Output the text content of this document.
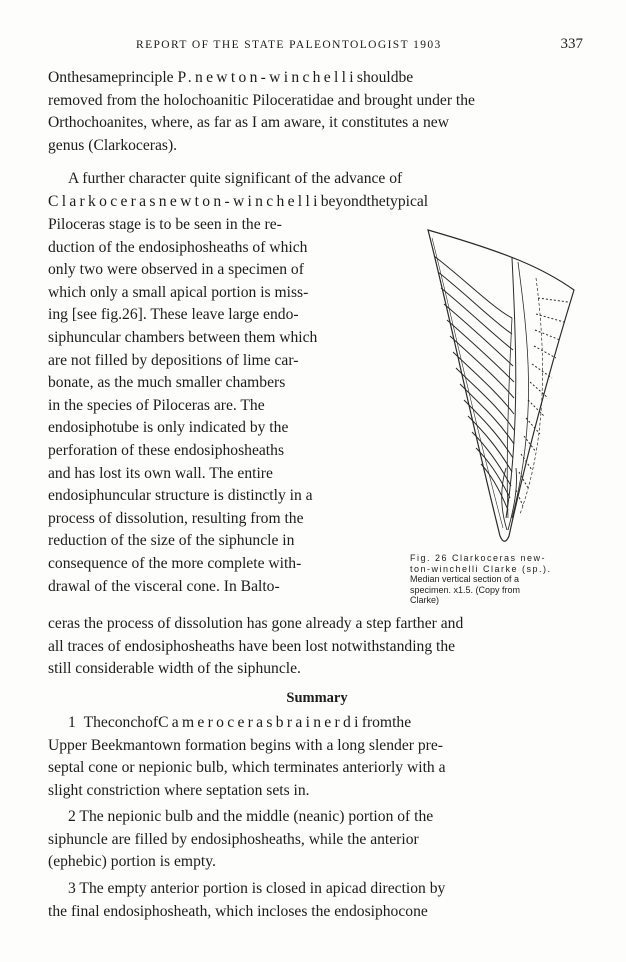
REPORT OF THE STATE PALEONTOLOGIST 1903	337
Onthesameprinciple P.newton-winchellishouldbe
removed from the holochoanitic Piloceratidae and brought under the
Orthochoanites, where, as far as I am aware, it constitutes a new
genus (Clarkoceras).
A further character quite significant of the advance of
Clarkocerasnewton-winchellibeyondthetypical
Piloceras stage is to be seen in the re-
duction of the endosiphosheaths of which
only two were observed in a specimen of
which only a small apical portion is miss-
ing [see fig.26]. These leave large endo-
siphuncular chambers between them which
are not filled by depositions of lime car-
bonate, as the much smaller chambers
in the species of Piloceras are. The
endosiphotube is only indicated by the
perforation of these endosiphosheaths
and has lost its own wall. The entire
endosiphuncular structure is distinctly in a
process of dissolution, resulting from the
reduction of the size of the siphuncle in
consequence of the more complete with-
drawal of the visceral cone. In Balto-
Fig. 26 Clarkoceras new-
ton-winchelli Clarke (sp.).
Median vertical section of a
specimen. x1.5. (Copy from
Clarke)
ceras the process of dissolution has gone already a step farther and
all traces of endosiphosheaths have been lost notwithstanding the
still considerable width of the siphuncle.
Summary
1  TheconchofCamerocerasbrainerdifromthe
Upper Beekmantown formation begins with a long slender pre-
septal cone or nepionic bulb, which terminates anteriorly with a
slight constriction where septation sets in.
2 The nepionic bulb and the middle (neanic) portion of the
siphuncle are filled by endosiphosheaths, while the anterior
(ephebic) portion is empty.
3 The empty anterior portion is closed in apicad direction by
the final endosiphosheath, which incloses the endosiphocone
